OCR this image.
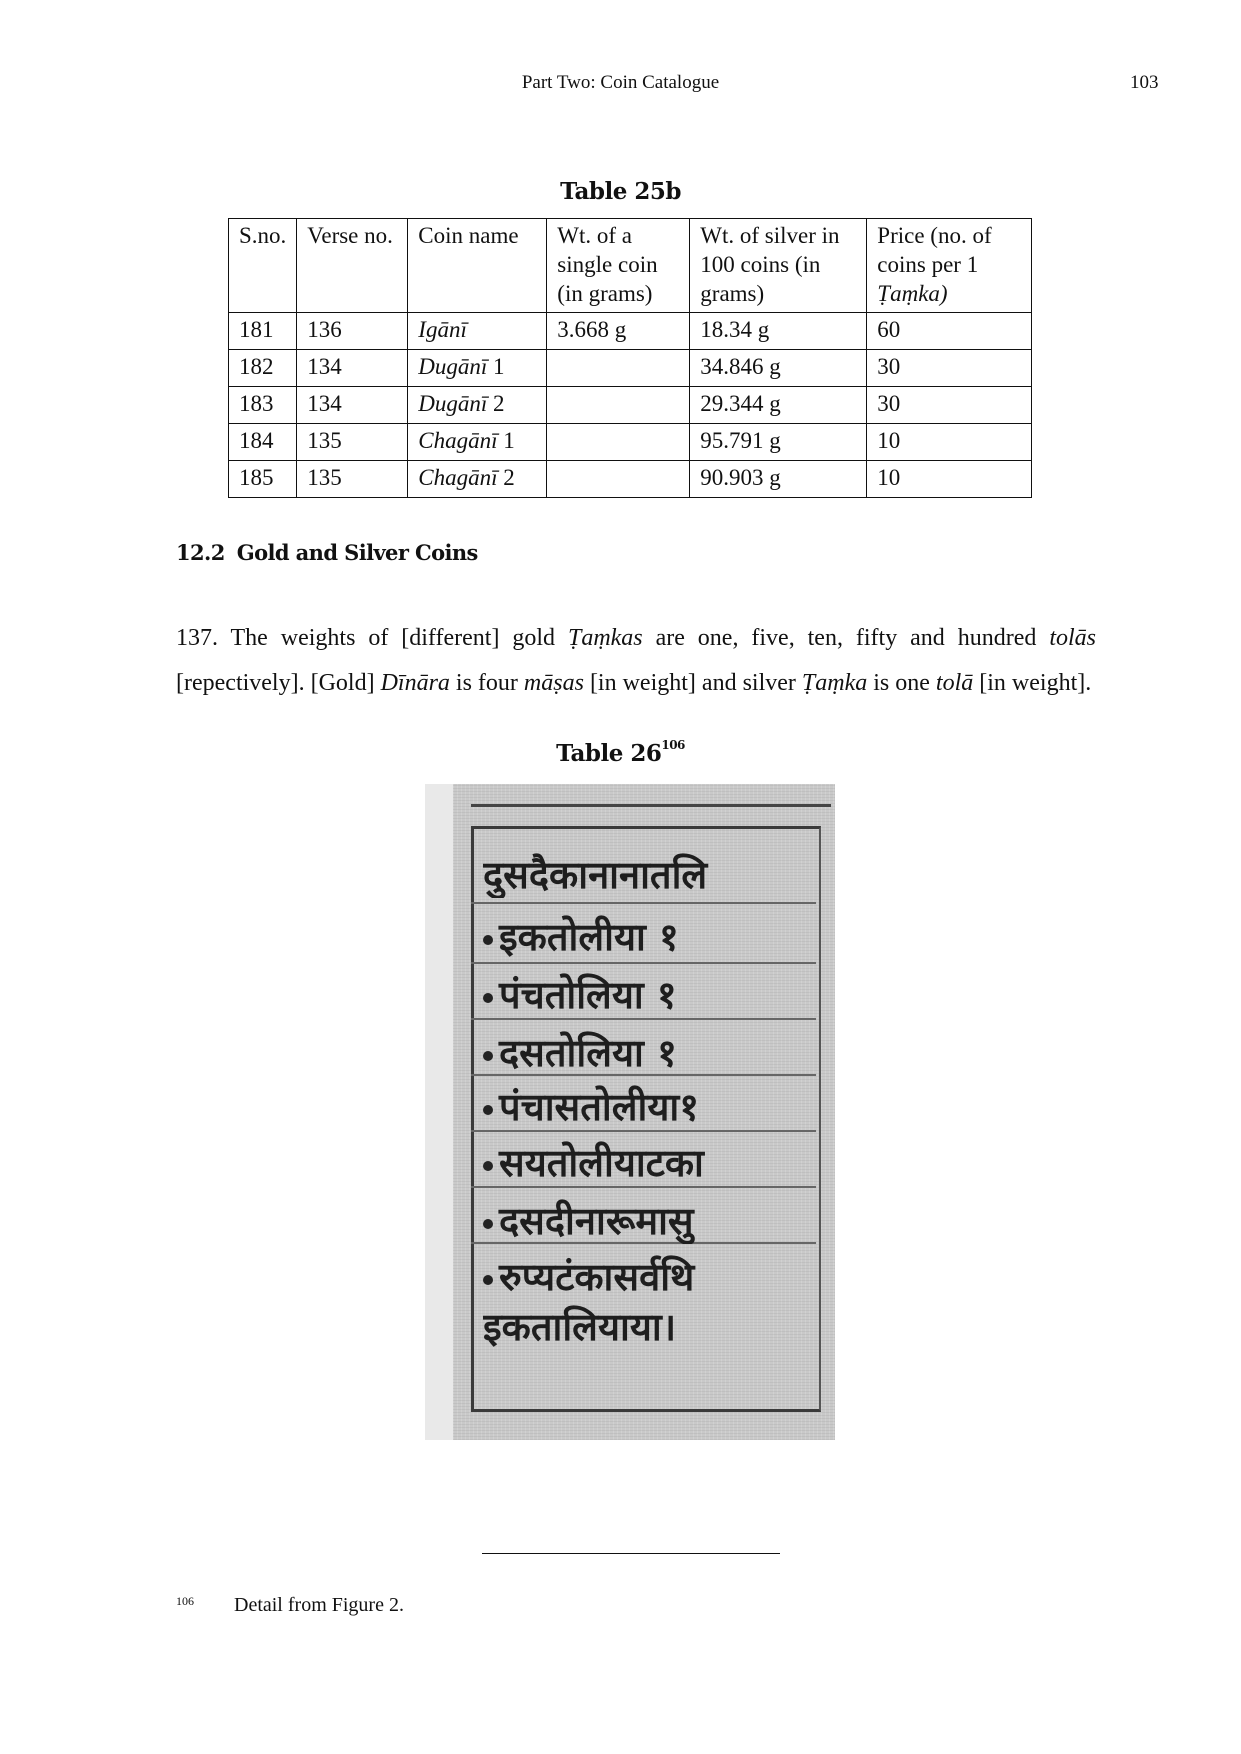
Part Two: Coin Catalogue	103
Table 25b
S.no.	Verse no.	Coin name	Wt. of a single coin (in grams)	Wt. of silver in 100 coins (in grams)	Price (no. of coins per 1 Ṭaṃka)
181	136	Igānī	3.668 g	18.34 g	60
182	134	Dugānī 1		34.846 g	30
183	134	Dugānī 2		29.344 g	30
184	135	Chagānī 1		95.791 g	10
185	135	Chagānī 2		90.903 g	10
12.2 Gold and Silver Coins

137. The weights of [different] gold Ṭaṃkas are one, five, ten, fifty and hundred tolās [repectively]. [Gold] Dīnāra is four māṣas [in weight] and silver Ṭaṃka is one tolā [in weight].

Table $26^{106}$
दुसदैकानानातलि
इकतोलीया १
पंचतोलिया १
दसतोलिया १
पंचासतोलीया१
सयतोलीयाटका
दसदीनारूमासु
रुप्यटंकासर्वथि
इकतालियाया।
$^{106}$ Detail from Figure 2.
